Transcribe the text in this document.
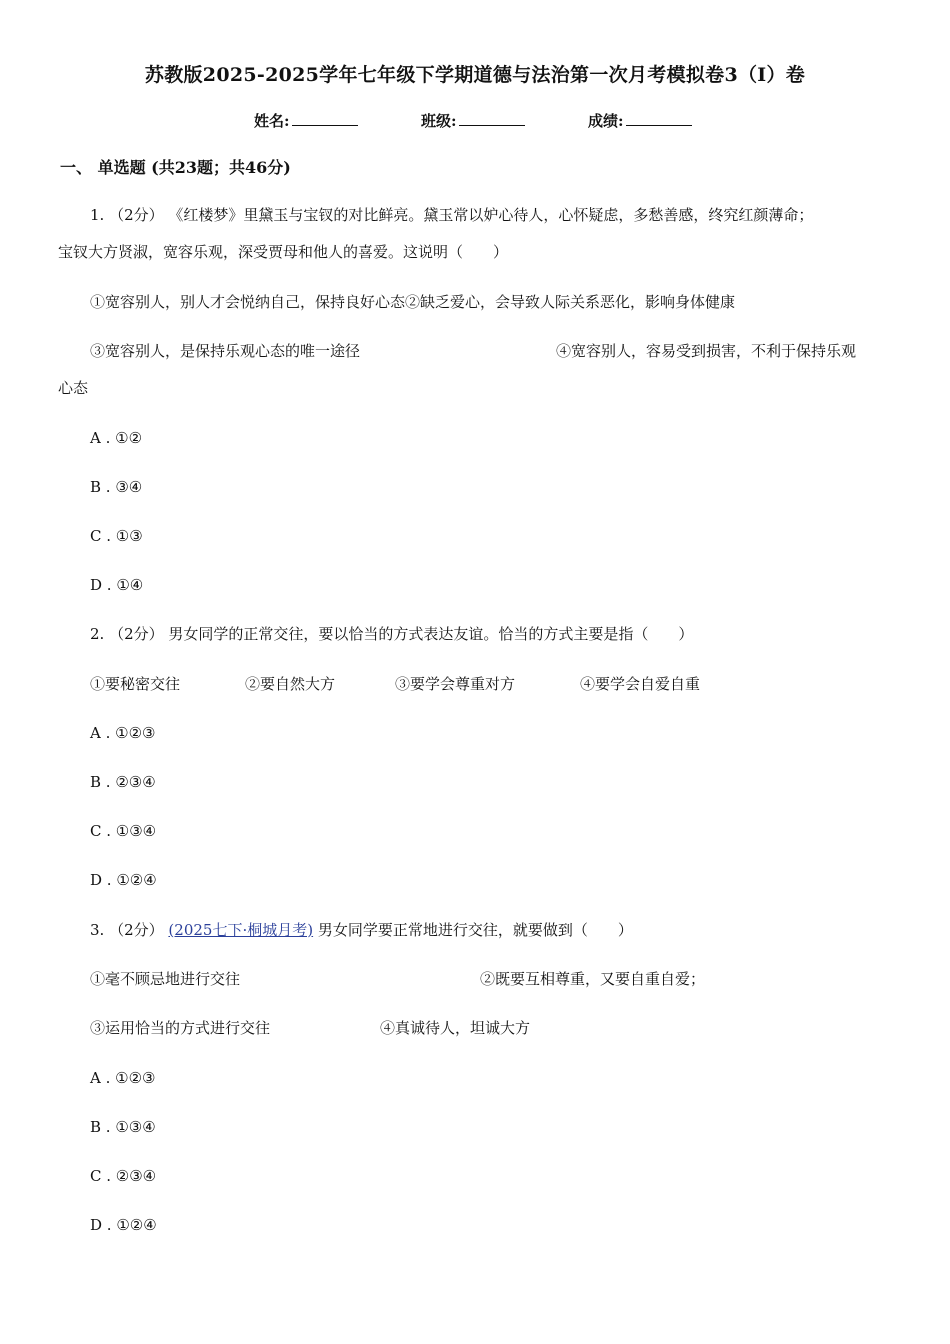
苏教版2025-2025学年七年级下学期道德与法治第一次月考模拟卷3（I）卷
姓名:	班级:	成绩:
一、 单选题 (共23题；共46分)
1. （2分） 《红楼梦》里黛玉与宝钗的对比鲜亮。黛玉常以妒心待人，心怀疑虑，多愁善感，终究红颜薄命；
宝钗大方贤淑，宽容乐观，深受贾母和他人的喜爱。这说明（　　）
①宽容别人，别人才会悦纳自己，保持良好心态②缺乏爱心，会导致人际关系恶化，影响身体健康
③宽容别人，是保持乐观心态的唯一途径	④宽容别人，容易受到损害，不利于保持乐观
心态
A . ①②
B . ③④
C . ①③
D . ①④
2. （2分） 男女同学的正常交往，要以恰当的方式表达友谊。恰当的方式主要是指（　　）
①要秘密交往	②要自然大方	③要学会尊重对方	④要学会自爱自重
A . ①②③
B . ②③④
C . ①③④
D . ①②④
3. （2分） (2025七下·桐城月考) 男女同学要正常地进行交往，就要做到（　　）
①毫不顾忌地进行交往	②既要互相尊重，又要自重自爱；
③运用恰当的方式进行交往	④真诚待人，坦诚大方
A . ①②③
B . ①③④
C . ②③④
D . ①②④
